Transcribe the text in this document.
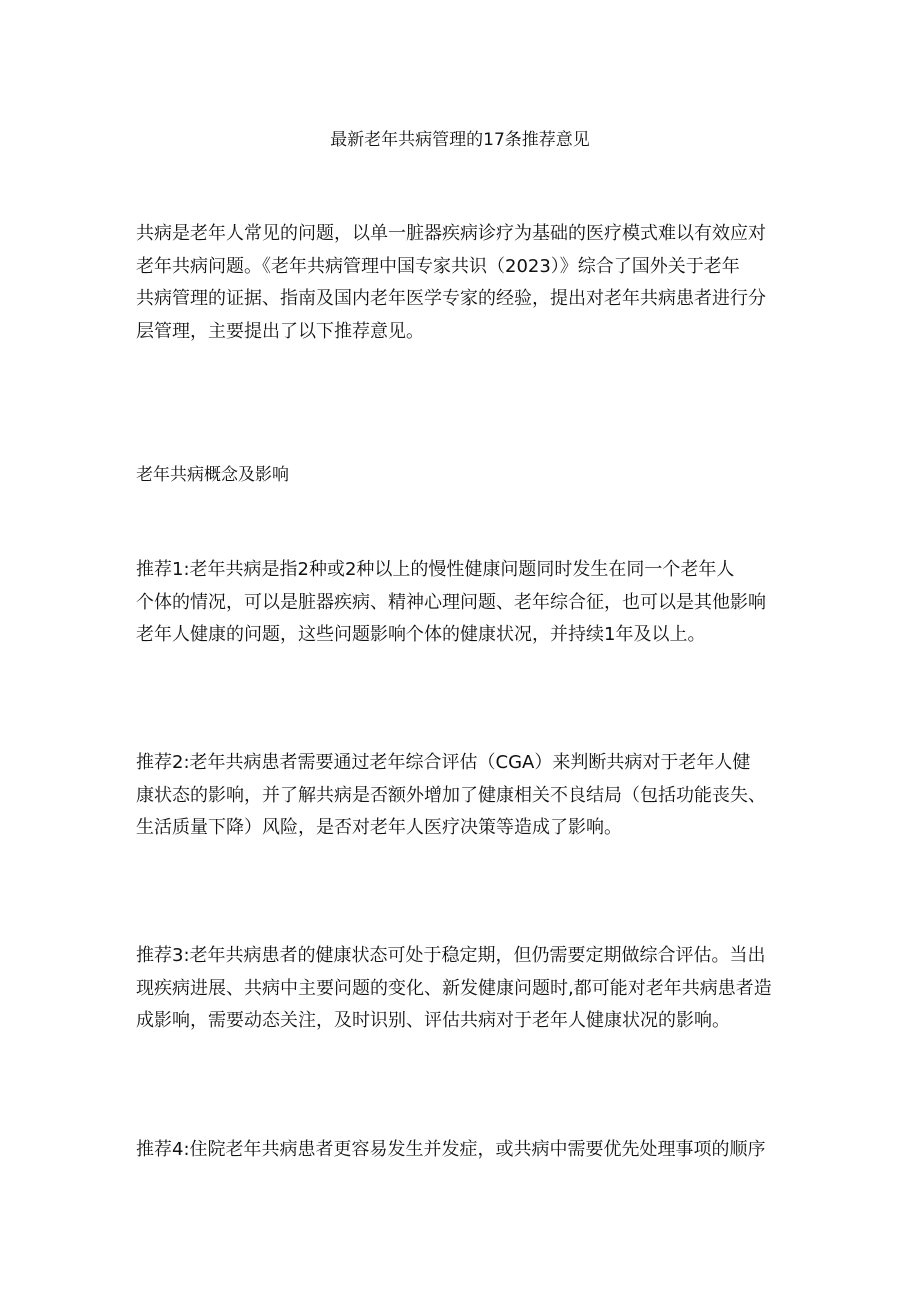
最新老年共病管理的17条推荐意见
共病是老年人常见的问题，以单一脏器疾病诊疗为基础的医疗模式难以有效应对
老年共病问题。《老年共病管理中国专家共识（2023）》综合了国外关于老年
共病管理的证据、指南及国内老年医学专家的经验，提出对老年共病患者进行分
层管理，主要提出了以下推荐意见。
老年共病概念及影响
推荐1:老年共病是指2种或2种以上的慢性健康问题同时发生在同一个老年人
个体的情况，可以是脏器疾病、精神心理问题、老年综合征，也可以是其他影响
老年人健康的问题，这些问题影响个体的健康状况，并持续1年及以上。
推荐2:老年共病患者需要通过老年综合评估（CGA）来判断共病对于老年人健
康状态的影响，并了解共病是否额外增加了健康相关不良结局（包括功能丧失、
生活质量下降）风险，是否对老年人医疗决策等造成了影响。
推荐3:老年共病患者的健康状态可处于稳定期，但仍需要定期做综合评估。当出
现疾病进展、共病中主要问题的变化、新发健康问题时,都可能对老年共病患者造
成影响，需要动态关注，及时识别、评估共病对于老年人健康状况的影响。
推荐4:住院老年共病患者更容易发生并发症，或共病中需要优先处理事项的顺序
